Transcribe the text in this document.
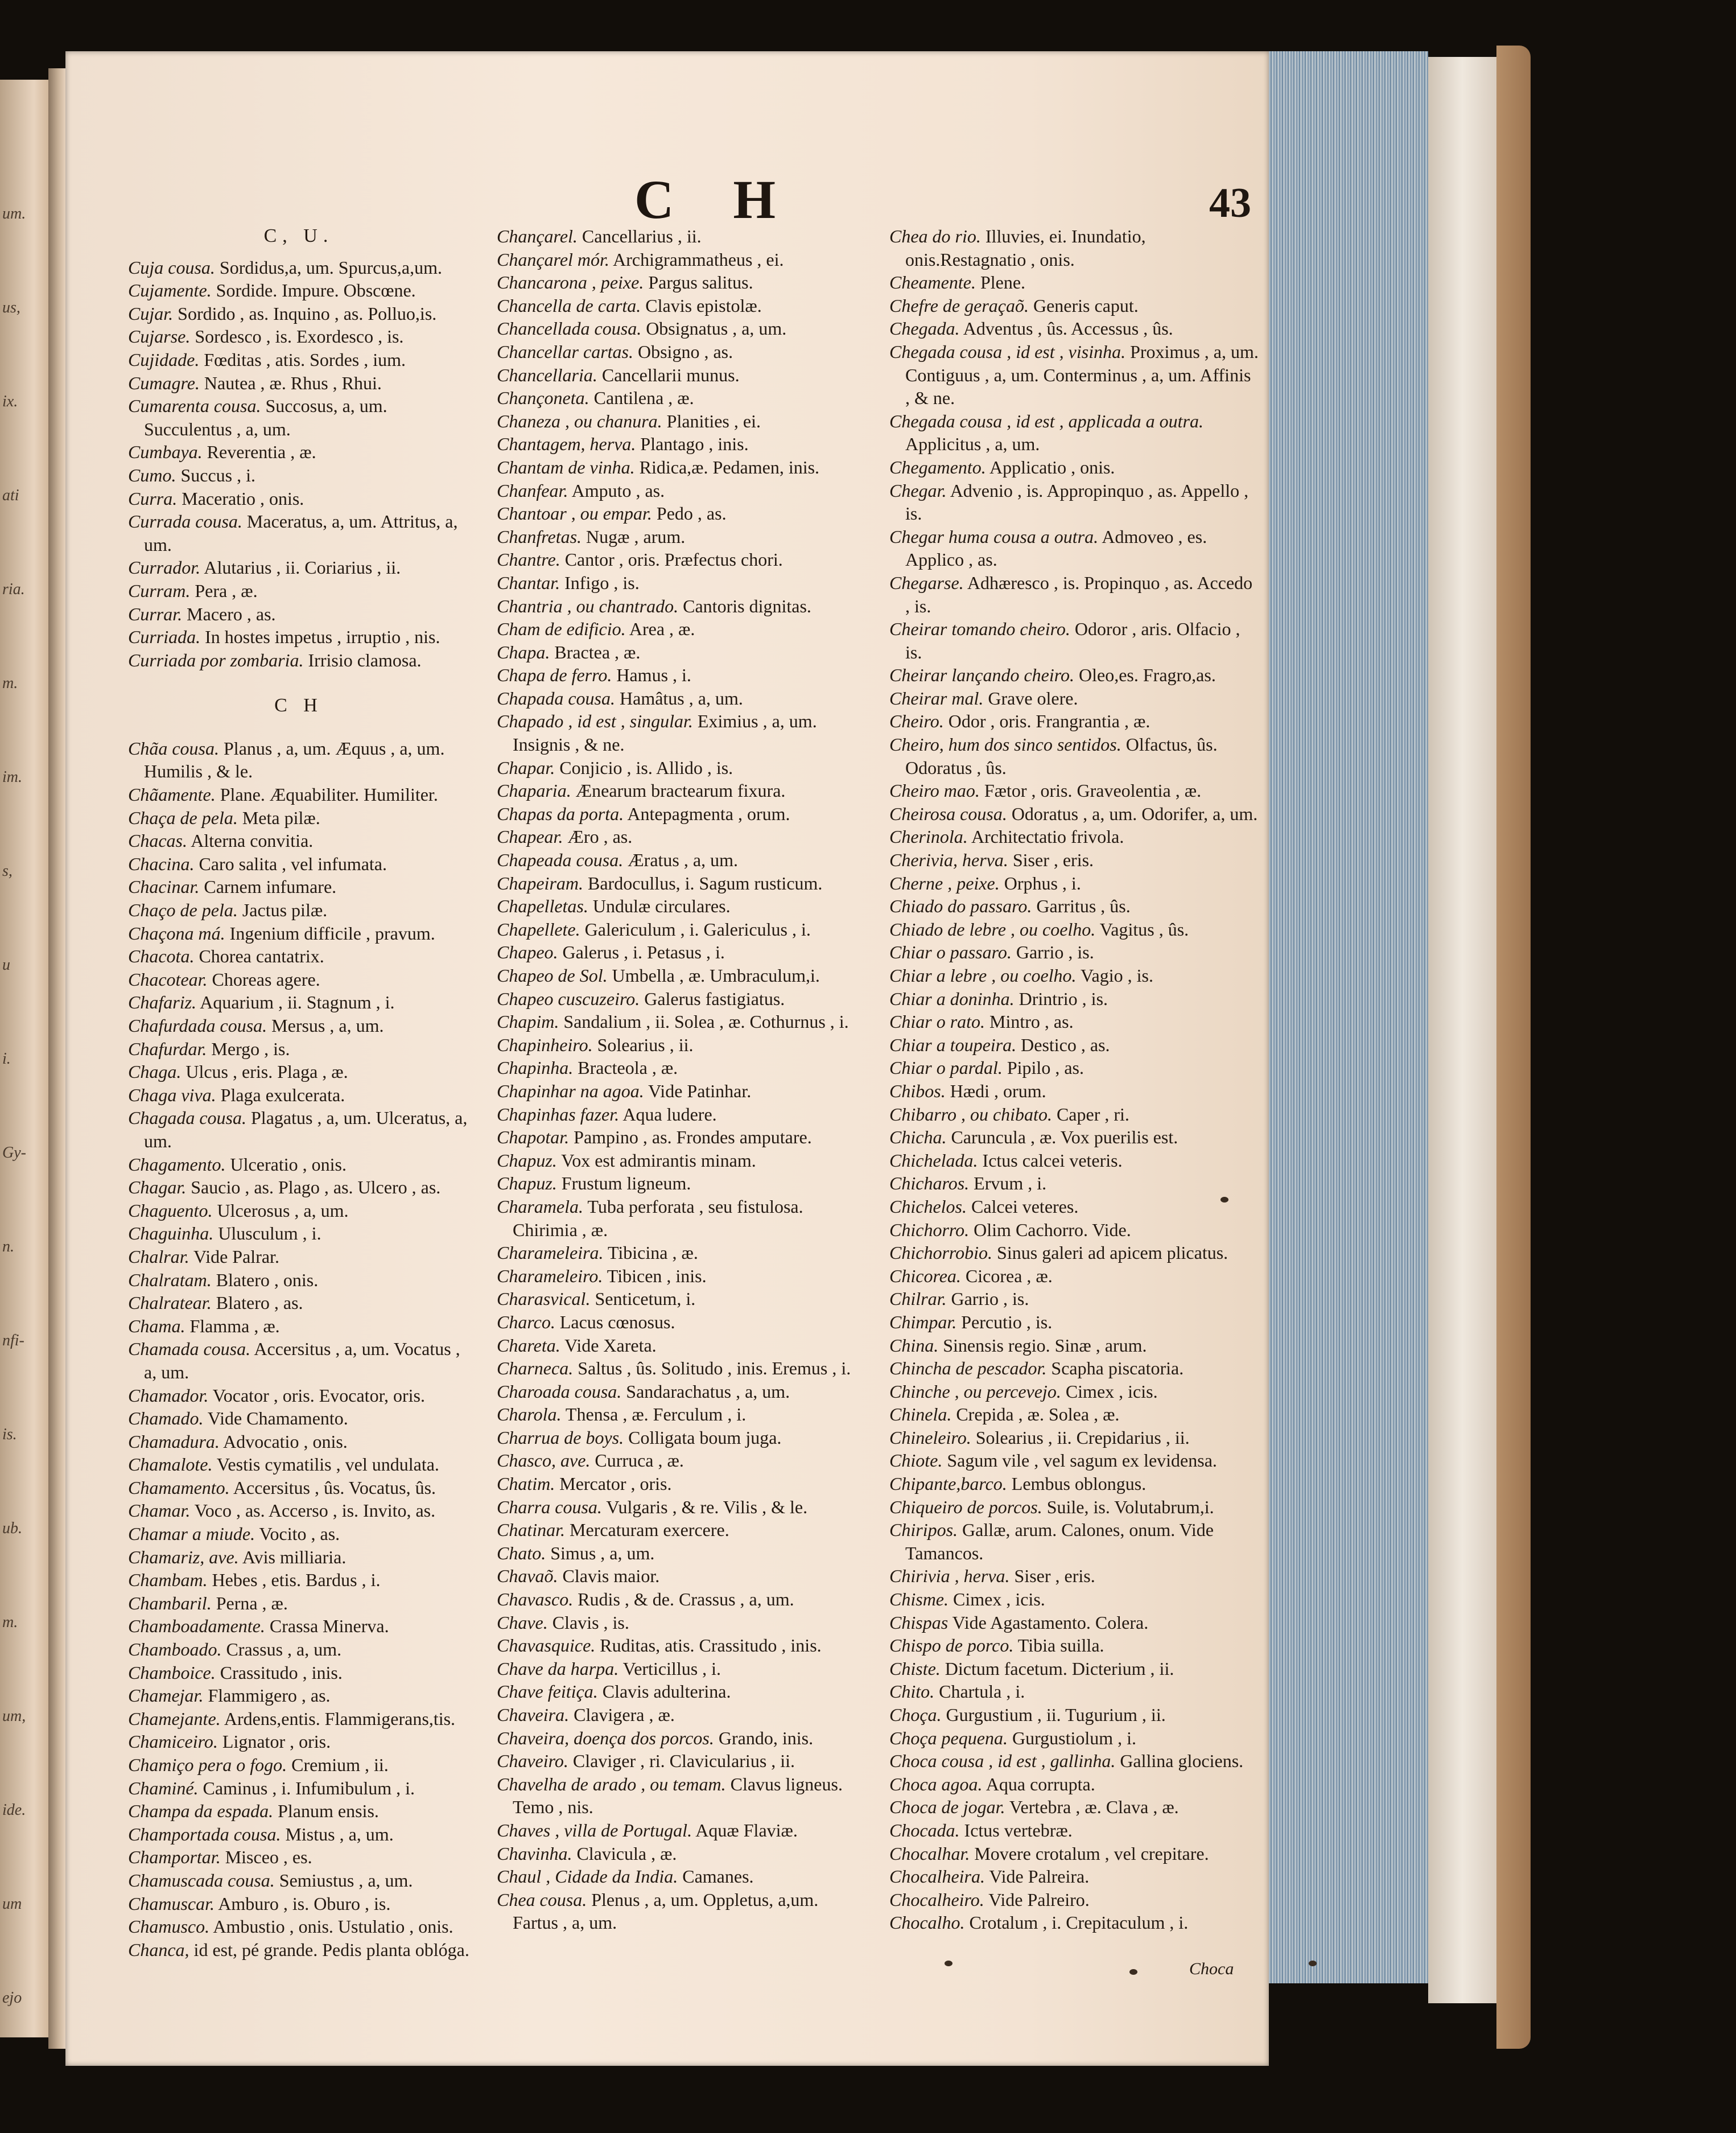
um.
us,
ix.
ati
ria.
m.
im.
s,
u
i.
Gy-
n.
nfi-
is.
ub.
m.
um,
ide.
um
ejo
C H	43
C, U.
Cuja cousa. Sordidus,a, um. Spurcus,a,um.
Cujamente. Sordide. Impure. Obscœne.
Cujar. Sordido , as. Inquino , as. Polluo,is.
Cujarse. Sordesco , is. Exordesco , is.
Cujidade. Fœditas , atis. Sordes , ium.
Cumagre. Nautea , æ. Rhus , Rhui.
Cumarenta cousa. Succosus, a, um. Succulentus , a, um.
Cumbaya. Reverentia , æ.
Cumo. Succus , i.
Curra. Maceratio , onis.
Currada cousa. Maceratus, a, um. Attritus, a, um.
Currador. Alutarius , ii. Coriarius , ii.
Curram. Pera , æ.
Currar. Macero , as.
Curriada. In hostes impetus , irruptio , nis.
Curriada por zombaria. Irrisio clamosa.
C H
Chãa cousa. Planus , a, um. Æquus , a, um. Humilis , & le.
Chãamente. Plane. Æquabiliter. Humiliter.
Chaça de pela. Meta pilæ.
Chacas. Alterna convitia.
Chacina. Caro salita , vel infumata.
Chacinar. Carnem infumare.
Chaço de pela. Jactus pilæ.
Chaçona má. Ingenium difficile , pravum.
Chacota. Chorea cantatrix.
Chacotear. Choreas agere.
Chafariz. Aquarium , ii. Stagnum , i.
Chafurdada cousa. Mersus , a, um.
Chafurdar. Mergo , is.
Chaga. Ulcus , eris. Plaga , æ.
Chaga viva. Plaga exulcerata.
Chagada cousa. Plagatus , a, um. Ulceratus, a, um.
Chagamento. Ulceratio , onis.
Chagar. Saucio , as. Plago , as. Ulcero , as.
Chaguento. Ulcerosus , a, um.
Chaguinha. Ulusculum , i.
Chalrar. Vide Palrar.
Chalratam. Blatero , onis.
Chalratear. Blatero , as.
Chama. Flamma , æ.
Chamada cousa. Accersitus , a, um. Vocatus , a, um.
Chamador. Vocator , oris. Evocator, oris.
Chamado. Vide Chamamento.
Chamadura. Advocatio , onis.
Chamalote. Vestis cymatilis , vel undulata.
Chamamento. Accersitus , ûs. Vocatus, ûs.
Chamar. Voco , as. Accerso , is. Invito, as.
Chamar a miude. Vocito , as.
Chamariz, ave. Avis milliaria.
Chambam. Hebes , etis. Bardus , i.
Chambaril. Perna , æ.
Chamboadamente. Crassa Minerva.
Chamboado. Crassus , a, um.
Chamboice. Crassitudo , inis.
Chamejar. Flammigero , as.
Chamejante. Ardens,entis. Flammigerans,tis.
Chamiceiro. Lignator , oris.
Chamiço pera o fogo. Cremium , ii.
Chaminé. Caminus , i. Infumibulum , i.
Champa da espada. Planum ensis.
Champortada cousa. Mistus , a, um.
Champortar. Misceo , es.
Chamuscada cousa. Semiustus , a, um.
Chamuscar. Amburo , is. Oburo , is.
Chamusco. Ambustio , onis. Ustulatio , onis.
Chanca, id est, pé grande. Pedis planta oblóga.
Chançarel. Cancellarius , ii.
Chançarel mór. Archigrammatheus , ei.
Chancarona , peixe. Pargus salitus.
Chancella de carta. Clavis epistolæ.
Chancellada cousa. Obsignatus , a, um.
Chancellar cartas. Obsigno , as.
Chancellaria. Cancellarii munus.
Chançoneta. Cantilena , æ.
Chaneza , ou chanura. Planities , ei.
Chantagem, herva. Plantago , inis.
Chantam de vinha. Ridica,æ. Pedamen, inis.
Chanfear. Amputo , as.
Chantoar , ou empar. Pedo , as.
Chanfretas. Nugæ , arum.
Chantre. Cantor , oris. Præfectus chori.
Chantar. Infigo , is.
Chantria , ou chantrado. Cantoris dignitas.
Cham de edificio. Area , æ.
Chapa. Bractea , æ.
Chapa de ferro. Hamus , i.
Chapada cousa. Hamâtus , a, um.
Chapado , id est , singular. Eximius , a, um. Insignis , & ne.
Chapar. Conjicio , is. Allido , is.
Chaparia. Ænearum bractearum fixura.
Chapas da porta. Antepagmenta , orum.
Chapear. Æro , as.
Chapeada cousa. Æratus , a, um.
Chapeiram. Bardocullus, i. Sagum rusticum.
Chapelletas. Undulæ circulares.
Chapellete. Galericulum , i. Galericulus , i.
Chapeo. Galerus , i. Petasus , i.
Chapeo de Sol. Umbella , æ. Umbraculum,i.
Chapeo cuscuzeiro. Galerus fastigiatus.
Chapim. Sandalium , ii. Solea , æ. Cothurnus , i.
Chapinheiro. Solearius , ii.
Chapinha. Bracteola , æ.
Chapinhar na agoa. Vide Patinhar.
Chapinhas fazer. Aqua ludere.
Chapotar. Pampino , as. Frondes amputare.
Chapuz. Vox est admirantis minam.
Chapuz. Frustum ligneum.
Charamela. Tuba perforata , seu fistulosa. Chirimia , æ.
Charameleira. Tibicina , æ.
Charameleiro. Tibicen , inis.
Charasvical. Senticetum, i.
Charco. Lacus cœnosus.
Chareta. Vide Xareta.
Charneca. Saltus , ûs. Solitudo , inis. Eremus , i.
Charoada cousa. Sandarachatus , a, um.
Charola. Thensa , æ. Ferculum , i.
Charrua de boys. Colligata boum juga.
Chasco, ave. Curruca , æ.
Chatim. Mercator , oris.
Charra cousa. Vulgaris , & re. Vilis , & le.
Chatinar. Mercaturam exercere.
Chato. Simus , a, um.
Chavaõ. Clavis maior.
Chavasco. Rudis , & de. Crassus , a, um.
Chave. Clavis , is.
Chavasquice. Ruditas, atis. Crassitudo , inis.
Chave da harpa. Verticillus , i.
Chave feitiça. Clavis adulterina.
Chaveira. Clavigera , æ.
Chaveira, doença dos porcos. Grando, inis.
Chaveiro. Claviger , ri. Clavicularius , ii.
Chavelha de arado , ou temam. Clavus ligneus. Temo , nis.
Chaves , villa de Portugal. Aquæ Flaviæ.
Chavinha. Clavicula , æ.
Chaul , Cidade da India. Camanes.
Chea cousa. Plenus , a, um. Oppletus, a,um. Fartus , a, um.
Chea do rio. Illuvies, ei. Inundatio, onis.Restagnatio , onis.
Cheamente. Plene.
Chefre de geraçaõ. Generis caput.
Chegada. Adventus , ûs. Accessus , ûs.
Chegada cousa , id est , visinha. Proximus , a, um. Contiguus , a, um. Conterminus , a, um. Affinis , & ne.
Chegada cousa , id est , applicada a outra. Applicitus , a, um.
Chegamento. Applicatio , onis.
Chegar. Advenio , is. Appropinquo , as. Appello , is.
Chegar huma cousa a outra. Admoveo , es. Applico , as.
Chegarse. Adhæresco , is. Propinquo , as. Accedo , is.
Cheirar tomando cheiro. Odoror , aris. Olfacio , is.
Cheirar lançando cheiro. Oleo,es. Fragro,as.
Cheirar mal. Grave olere.
Cheiro. Odor , oris. Frangrantia , æ.
Cheiro, hum dos sinco sentidos. Olfactus, ûs. Odoratus , ûs.
Cheiro mao. Fætor , oris. Graveolentia , æ.
Cheirosa cousa. Odoratus , a, um. Odorifer, a, um.
Cherinola. Architectatio frivola.
Cherivia, herva. Siser , eris.
Cherne , peixe. Orphus , i.
Chiado do passaro. Garritus , ûs.
Chiado de lebre , ou coelho. Vagitus , ûs.
Chiar o passaro. Garrio , is.
Chiar a lebre , ou coelho. Vagio , is.
Chiar a doninha. Drintrio , is.
Chiar o rato. Mintro , as.
Chiar a toupeira. Destico , as.
Chiar o pardal. Pipilo , as.
Chibos. Hædi , orum.
Chibarro , ou chibato. Caper , ri.
Chicha. Caruncula , æ. Vox puerilis est.
Chichelada. Ictus calcei veteris.
Chicharos. Ervum , i.
Chichelos. Calcei veteres.
Chichorro. Olim Cachorro. Vide.
Chichorrobio. Sinus galeri ad apicem plicatus.
Chicorea. Cicorea , æ.
Chilrar. Garrio , is.
Chimpar. Percutio , is.
China. Sinensis regio. Sinæ , arum.
Chincha de pescador. Scapha piscatoria.
Chinche , ou percevejo. Cimex , icis.
Chinela. Crepida , æ. Solea , æ.
Chineleiro. Solearius , ii. Crepidarius , ii.
Chiote. Sagum vile , vel sagum ex levidensa.
Chipante,barco. Lembus oblongus.
Chiqueiro de porcos. Suile, is. Volutabrum,i.
Chiripos. Gallæ, arum. Calones, onum. Vide Tamancos.
Chirivia , herva. Siser , eris.
Chisme. Cimex , icis.
Chispas Vide Agastamento. Colera.
Chispo de porco. Tibia suilla.
Chiste. Dictum facetum. Dicterium , ii.
Chito. Chartula , i.
Choça. Gurgustium , ii. Tugurium , ii.
Choça pequena. Gurgustiolum , i.
Choca cousa , id est , gallinha. Gallina glociens.
Choca agoa. Aqua corrupta.
Choca de jogar. Vertebra , æ. Clava , æ.
Chocada. Ictus vertebræ.
Chocalhar. Movere crotalum , vel crepitare.
Chocalheira. Vide Palreira.
Chocalheiro. Vide Palreiro.
Chocalho. Crotalum , i. Crepitaculum , i.
Choca
